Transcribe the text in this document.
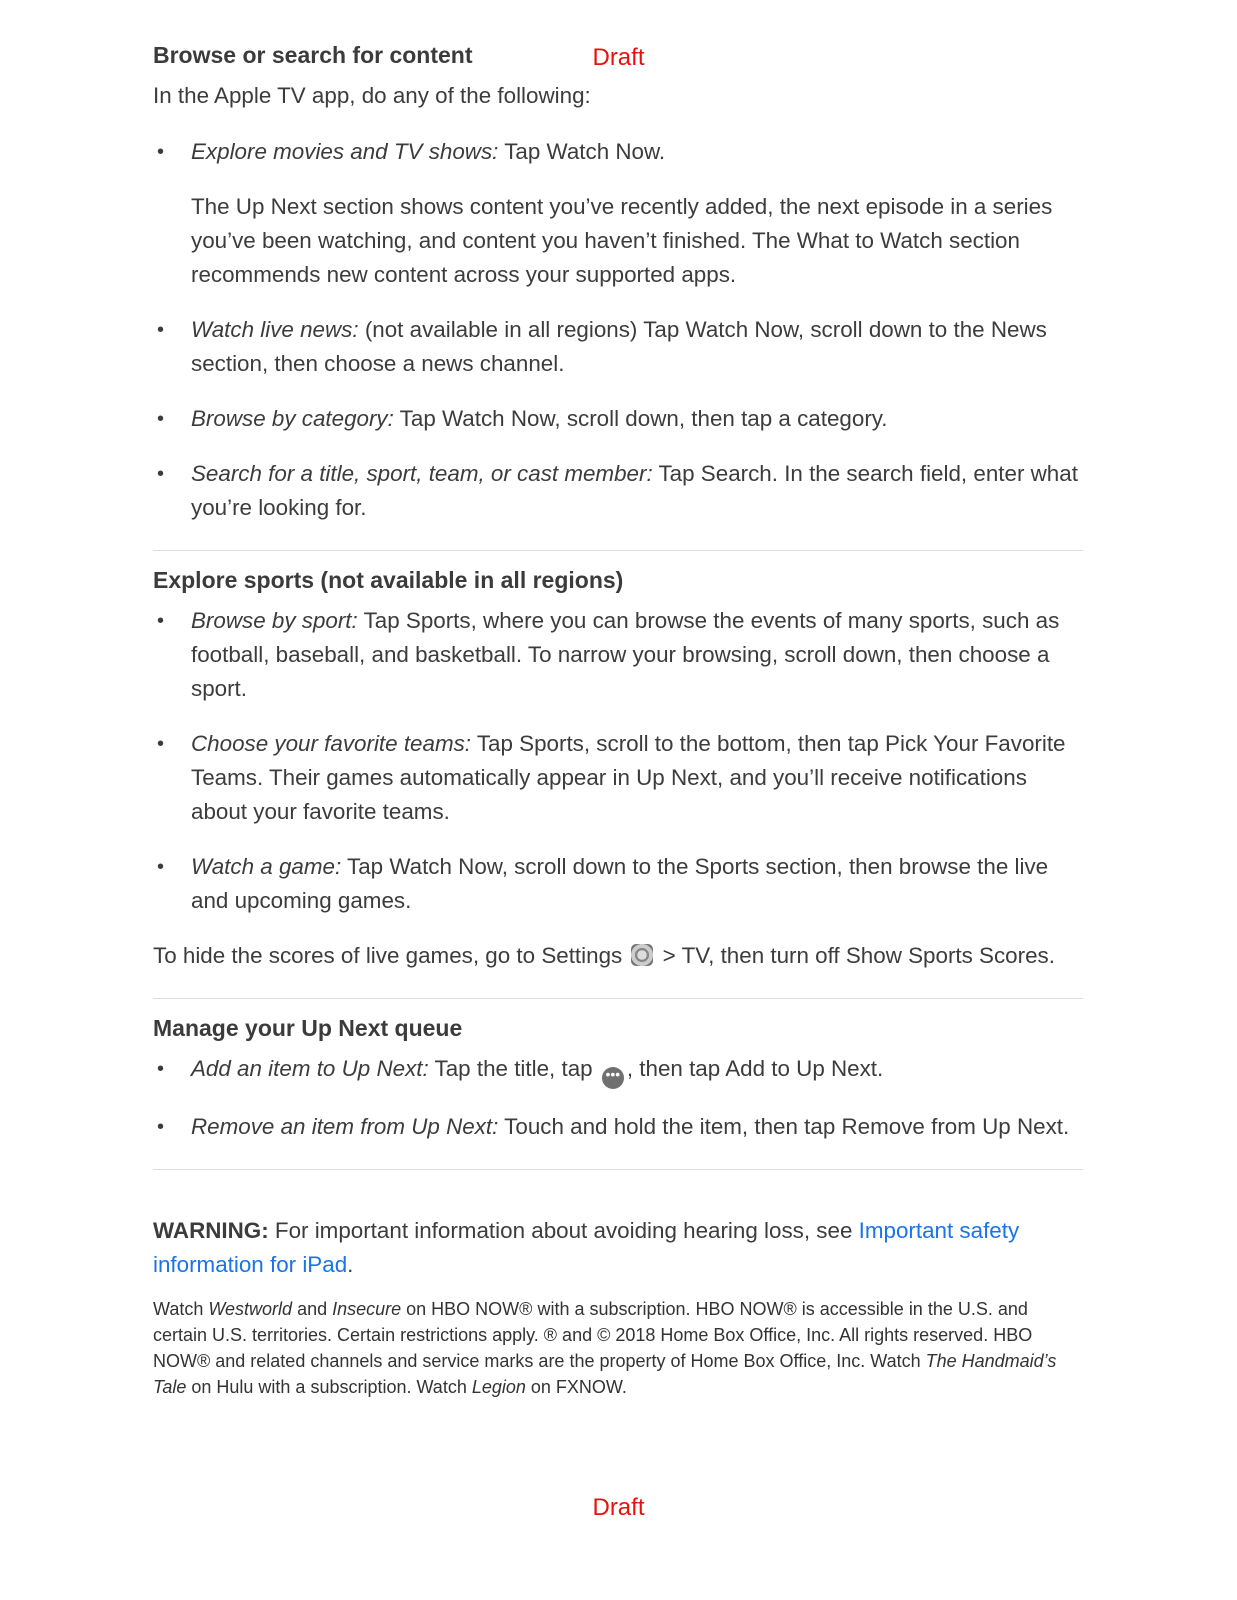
Draft
Browse or search for content

In the Apple TV app, do any of the following:

• Explore movies and TV shows: Tap Watch Now.

The Up Next section shows content you’ve recently added, the next episode in a series you’ve been watching, and content you haven’t finished. The What to Watch section recommends new content across your supported apps.

• Watch live news: (not available in all regions) Tap Watch Now, scroll down to the News section, then choose a news channel.
• Browse by category: Tap Watch Now, scroll down, then tap a category.
• Search for a title, sport, team, or cast member: Tap Search. In the search field, enter what you’re looking for.
Explore sports (not available in all regions)
• Browse by sport: Tap Sports, where you can browse the events of many sports, such as football, baseball, and basketball. To narrow your browsing, scroll down, then choose a sport.
• Choose your favorite teams: Tap Sports, scroll to the bottom, then tap Pick Your Favorite Teams. Their games automatically appear in Up Next, and you’ll receive notifications about your favorite teams.
• Watch a game: Tap Watch Now, scroll down to the Sports section, then browse the live and upcoming games.

To hide the scores of live games, go to Settings  > TV, then turn off Show Sports Scores.

Manage your Up Next queue
• Add an item to Up Next: Tap the title, tap ••• , then tap Add to Up Next.
• Remove an item from Up Next: Touch and hold the item, then tap Remove from Up Next.

WARNING: For important information about avoiding hearing loss, see Important safety information for iPad.

Watch Westworld and Insecure on HBO NOW® with a subscription. HBO NOW® is accessible in the U.S. and certain U.S. territories. Certain restrictions apply. ® and © 2018 Home Box Office, Inc. All rights reserved. HBO NOW® and related channels and service marks are the property of Home Box Office, Inc. Watch The Handmaid’s Tale on Hulu with a subscription. Watch Legion on FXNOW.

Draft
